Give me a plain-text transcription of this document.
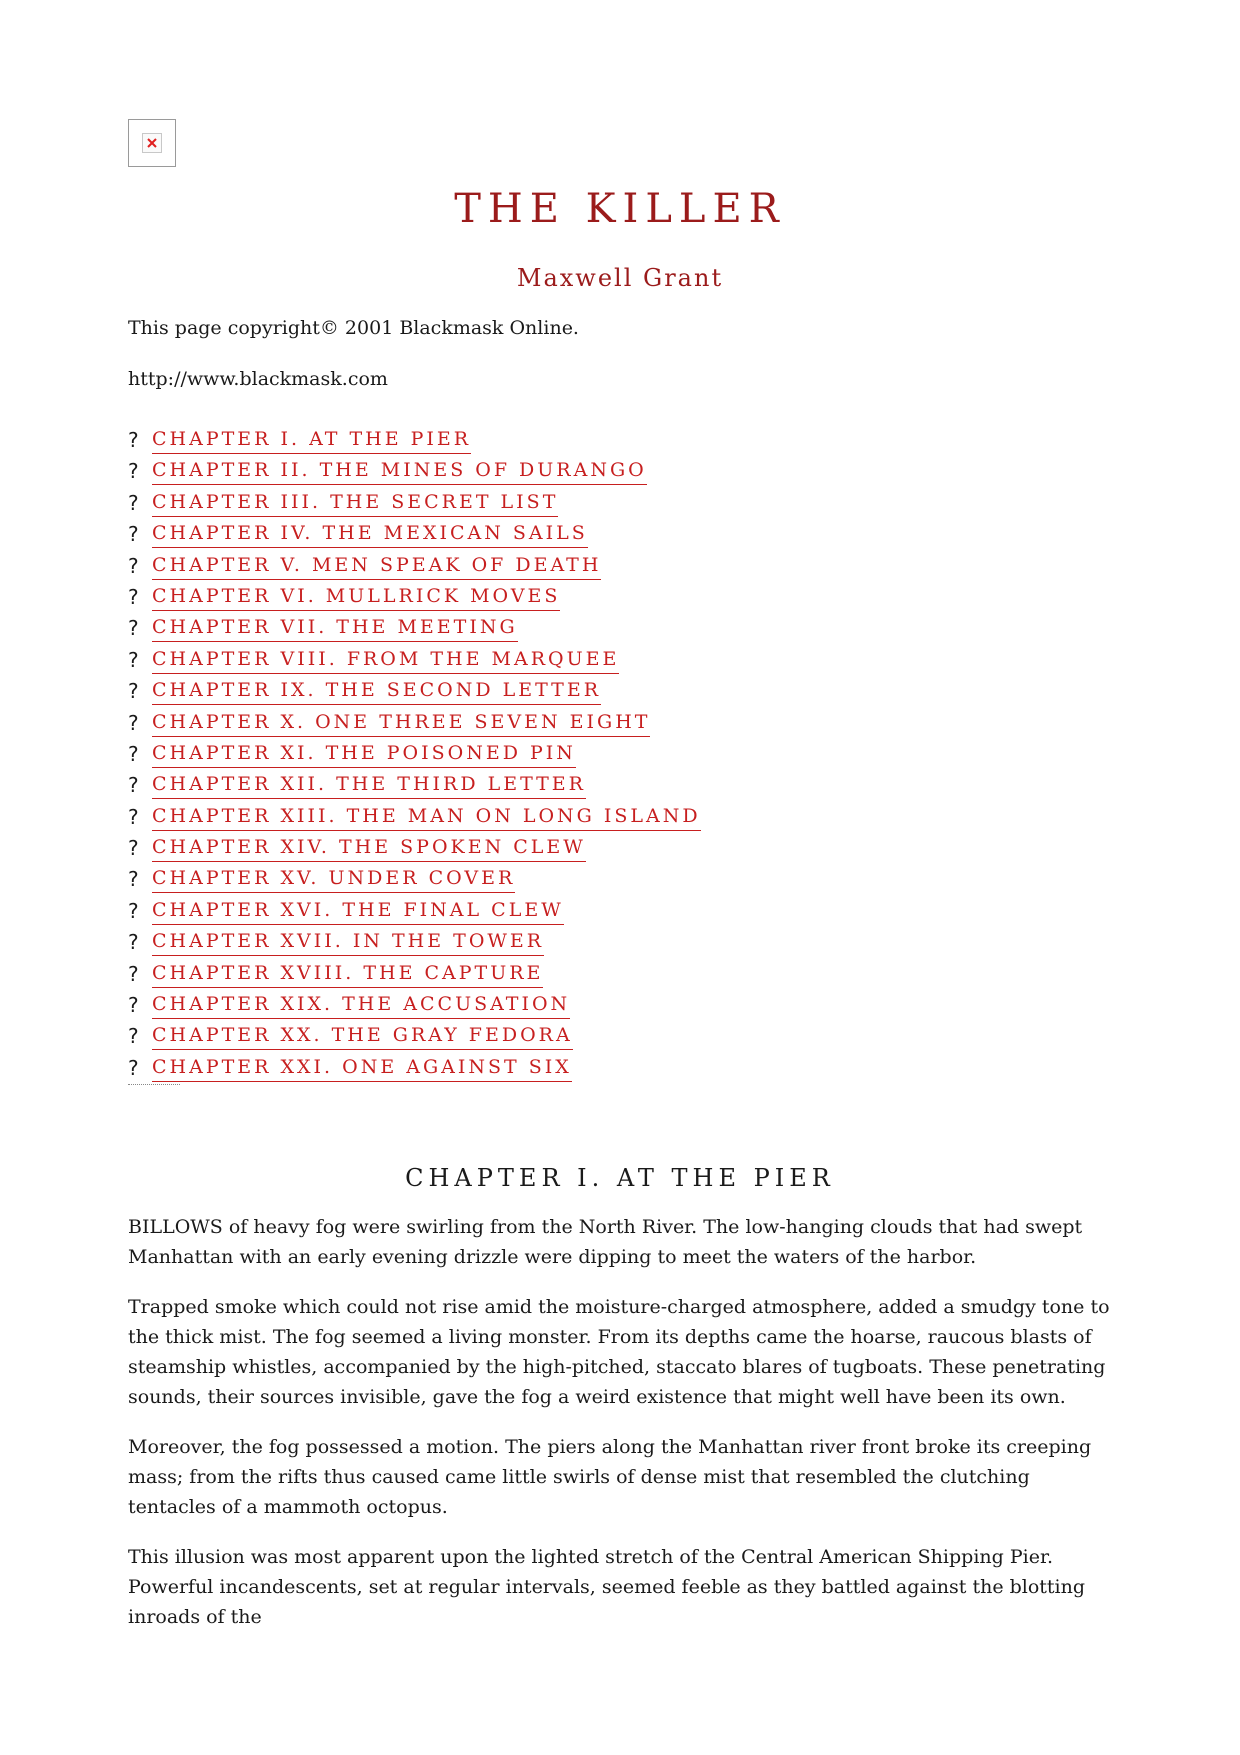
THE KILLER
Maxwell Grant
This page copyright© 2001 Blackmask Online.
http://www.blackmask.com
? CHAPTER I. AT THE PIER
? CHAPTER II. THE MINES OF DURANGO
? CHAPTER III. THE SECRET LIST
? CHAPTER IV. THE MEXICAN SAILS
? CHAPTER V. MEN SPEAK OF DEATH
? CHAPTER VI. MULLRICK MOVES
? CHAPTER VII. THE MEETING
? CHAPTER VIII. FROM THE MARQUEE
? CHAPTER IX. THE SECOND LETTER
? CHAPTER X. ONE THREE SEVEN EIGHT
? CHAPTER XI. THE POISONED PIN
? CHAPTER XII. THE THIRD LETTER
? CHAPTER XIII. THE MAN ON LONG ISLAND
? CHAPTER XIV. THE SPOKEN CLEW
? CHAPTER XV. UNDER COVER
? CHAPTER XVI. THE FINAL CLEW
? CHAPTER XVII. IN THE TOWER
? CHAPTER XVIII. THE CAPTURE
? CHAPTER XIX. THE ACCUSATION
? CHAPTER XX. THE GRAY FEDORA
? CHAPTER XXI. ONE AGAINST SIX
CHAPTER I. AT THE PIER

BILLOWS of heavy fog were swirling from the North River. The low-hanging clouds that had swept Manhattan with an early evening drizzle were dipping to meet the waters of the harbor.

Trapped smoke which could not rise amid the moisture-charged atmosphere, added a smudgy tone to the thick mist. The fog seemed a living monster. From its depths came the hoarse, raucous blasts of steamship whistles, accompanied by the high-pitched, staccato blares of tugboats. These penetrating sounds, their sources invisible, gave the fog a weird existence that might well have been its own.

Moreover, the fog possessed a motion. The piers along the Manhattan river front broke its creeping mass; from the rifts thus caused came little swirls of dense mist that resembled the clutching tentacles of a mammoth octopus.

This illusion was most apparent upon the lighted stretch of the Central American Shipping Pier. Powerful incandescents, set at regular intervals, seemed feeble as they battled against the blotting inroads of the
